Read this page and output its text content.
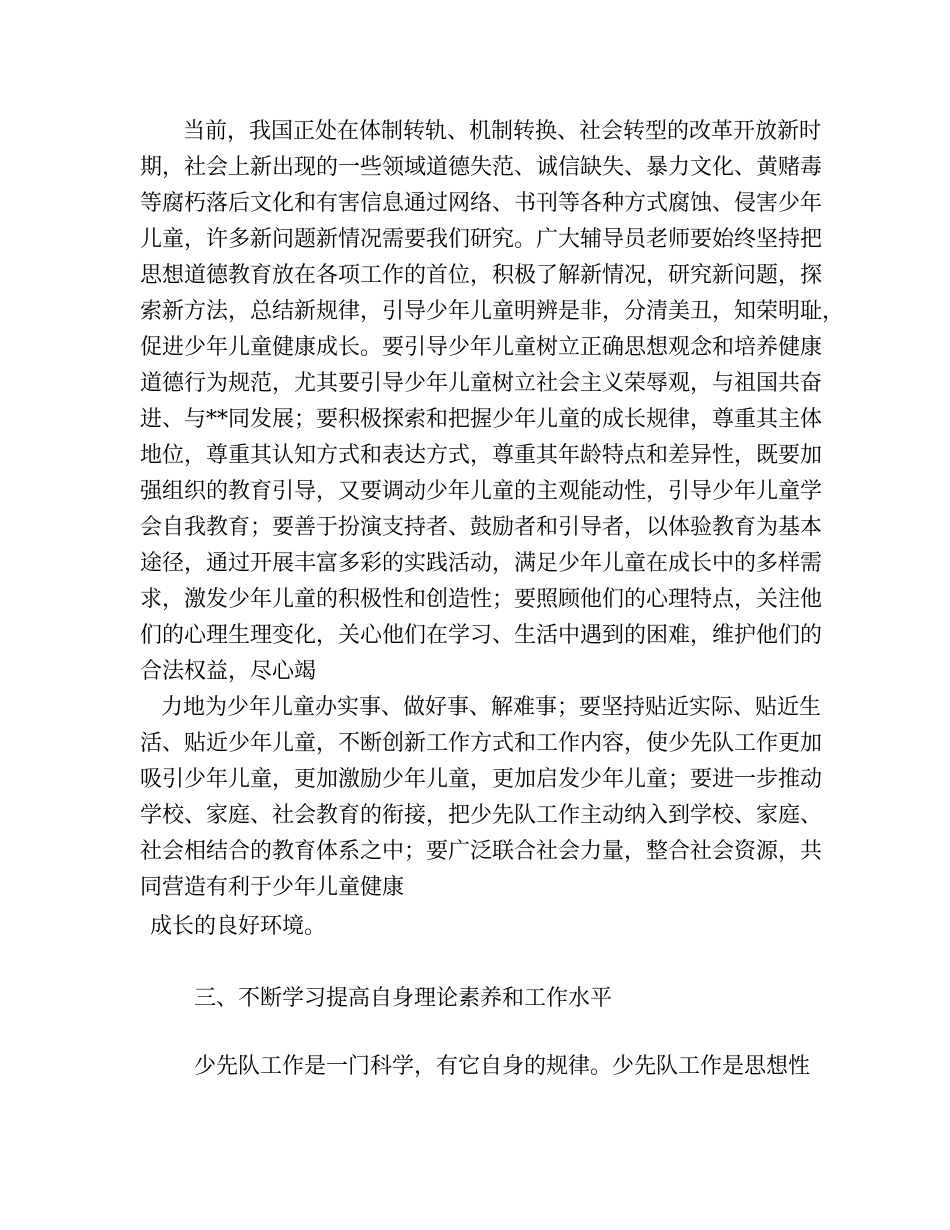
当前，我国正处在体制转轨、机制转换、社会转型的改革开放新时
期，社会上新出现的一些领域道德失范、诚信缺失、暴力文化、黄赌毒
等腐朽落后文化和有害信息通过网络、书刊等各种方式腐蚀、侵害少年
儿童，许多新问题新情况需要我们研究。广大辅导员老师要始终坚持把
思想道德教育放在各项工作的首位，积极了解新情况，研究新问题，探
索新方法，总结新规律，引导少年儿童明辨是非，分清美丑，知荣明耻，
促进少年儿童健康成长。要引导少年儿童树立正确思想观念和培养健康
道德行为规范，尤其要引导少年儿童树立社会主义荣辱观，与祖国共奋
进、与**同发展；要积极探索和把握少年儿童的成长规律，尊重其主体
地位，尊重其认知方式和表达方式，尊重其年龄特点和差异性，既要加
强组织的教育引导，又要调动少年儿童的主观能动性，引导少年儿童学
会自我教育；要善于扮演支持者、鼓励者和引导者，以体验教育为基本
途径，通过开展丰富多彩的实践活动，满足少年儿童在成长中的多样需
求，激发少年儿童的积极性和创造性；要照顾他们的心理特点，关注他
们的心理生理变化，关心他们在学习、生活中遇到的困难，维护他们的
合法权益，尽心竭
力地为少年儿童办实事、做好事、解难事；要坚持贴近实际、贴近生
活、贴近少年儿童，不断创新工作方式和工作内容，使少先队工作更加
吸引少年儿童，更加激励少年儿童，更加启发少年儿童；要进一步推动
学校、家庭、社会教育的衔接，把少先队工作主动纳入到学校、家庭、
社会相结合的教育体系之中；要广泛联合社会力量，整合社会资源，共
同营造有利于少年儿童健康
成长的良好环境。
三、不断学习提高自身理论素养和工作水平
少先队工作是一门科学，有它自身的规律。少先队工作是思想性
